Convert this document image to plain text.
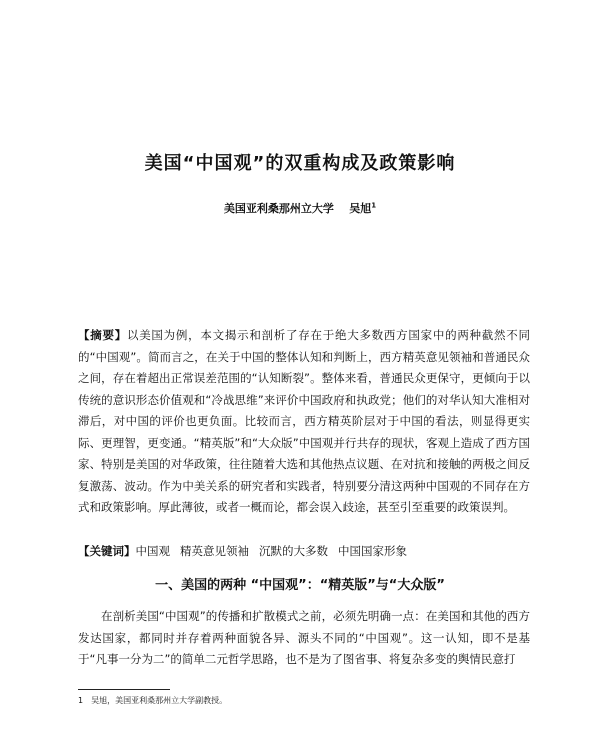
美国“中国观”的双重构成及政策影响
美国亚利桑那州立大学 吴旭$^1$
【摘要】以美国为例，本文揭示和剖析了存在于绝大多数西方国家中的两种截然不同的“中国观”。简而言之，在关于中国的整体认知和判断上，西方精英意见领袖和普通民众之间，存在着超出正常误差范围的“认知断裂”。整体来看，普通民众更保守，更倾向于以传统的意识形态价值观和“冷战思维”来评价中国政府和执政党；他们的对华认知大准相对滞后，对中国的评价也更负面。比较而言，西方精英阶层对于中国的看法，则显得更实际、更理智，更变通。“精英版”和“大众版”中国观并行共存的现状，客观上造成了西方国家、特别是美国的对华政策，往往随着大选和其他热点议题、在对抗和接触的两极之间反复激荡、波动。作为中美关系的研究者和实践者，特别要分清这两种中国观的不同存在方式和政策影响。厚此薄彼，或者一概而论，都会误入歧途，甚至引至重要的政策误判。
【关键词】中国观 精英意见领袖 沉默的大多数 中国国家形象
一、美国的两种 “中国观”：“精英版”与“大众版”
在剖析美国“中国观”的传播和扩散模式之前，必须先明确一点：在美国和其他的西方发达国家，都同时并存着两种面貌各异、源头不同的“中国观”。这一认知，即不是基于“凡事一分为二”的简单二元哲学思路，也不是为了图省事、将复杂多变的舆情民意打
1 吴旭，美国亚利桑那州立大学副教授。
